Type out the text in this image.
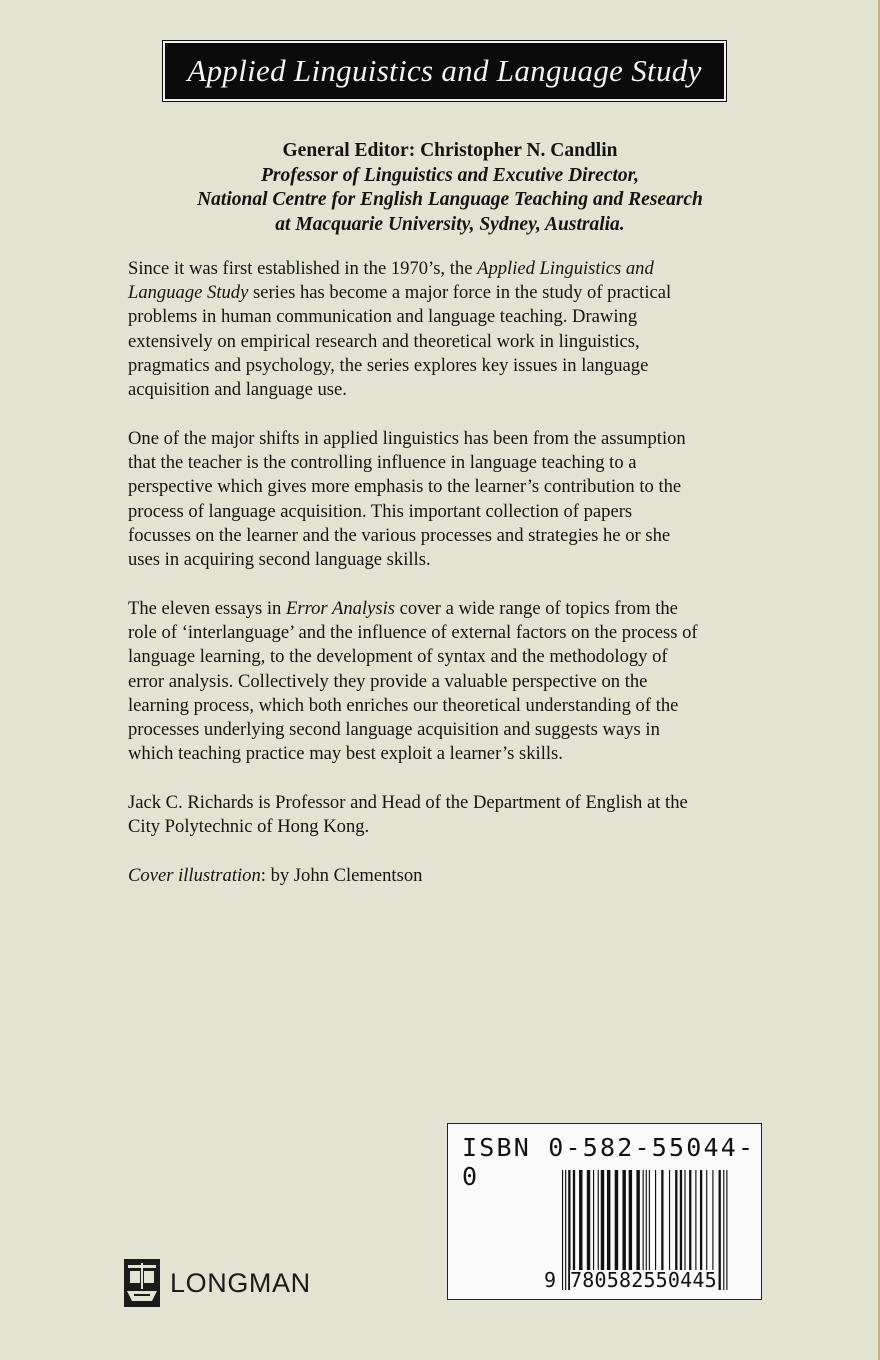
Applied Linguistics and Language Study
General Editor: Christopher N. Candlin
Professor of Linguistics and Excutive Director,
National Centre for English Language Teaching and Research
at Macquarie University, Sydney, Australia.
Since it was first established in the 1970’s, the Applied Linguistics and
Language Study series has become a major force in the study of practical
problems in human communication and language teaching. Drawing
extensively on empirical research and theoretical work in linguistics,
pragmatics and psychology, the series explores key issues in language
acquisition and language use.
One of the major shifts in applied linguistics has been from the assumption
that the teacher is the controlling influence in language teaching to a
perspective which gives more emphasis to the learner’s contribution to the
process of language acquisition. This important collection of papers
focusses on the learner and the various processes and strategies he or she
uses in acquiring second language skills.
The eleven essays in Error Analysis cover a wide range of topics from the
role of ‘interlanguage’ and the influence of external factors on the process of
language learning, to the development of syntax and the methodology of
error analysis. Collectively they provide a valuable perspective on the
learning process, which both enriches our theoretical understanding of the
processes underlying second language acquisition and suggests ways in
which teaching practice may best exploit a learner’s skills.
Jack C. Richards is Professor and Head of the Department of English at the
City Polytechnic of Hong Kong.
Cover illustration: by John Clementson
ISBN 0-582-55044-0
9 780582550445
LONGMAN
